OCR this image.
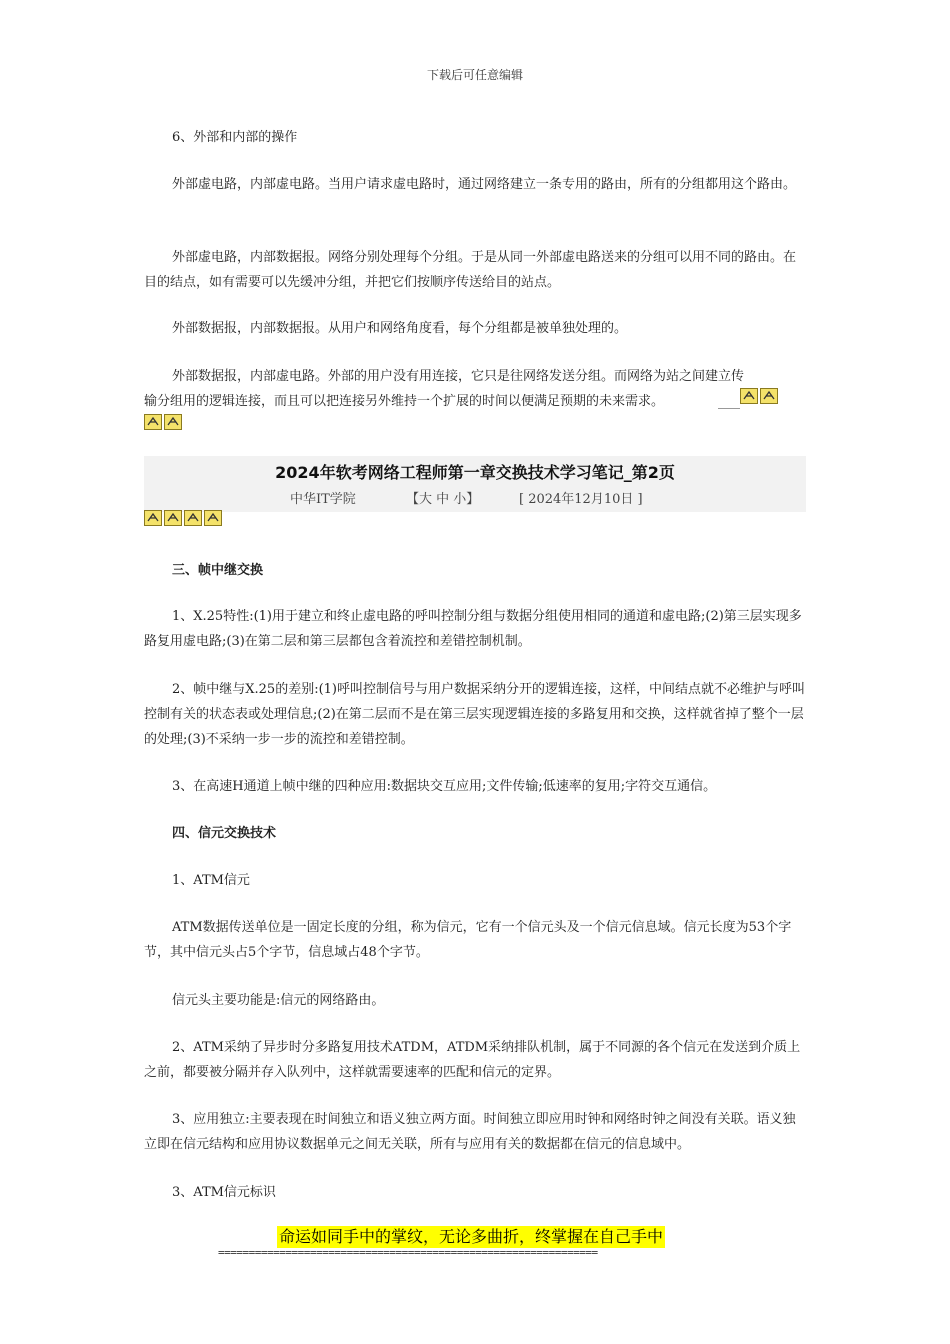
下载后可任意编辑

6、外部和内部的操作

外部虚电路，内部虚电路。当用户请求虚电路时，通过网络建立一条专用的路由，所有的分组都用这个路由。

外部虚电路，内部数据报。网络分别处理每个分组。于是从同一外部虚电路送来的分组可以用不同的路由。在目的结点，如有需要可以先缓冲分组，并把它们按顺序传送给目的站点。

外部数据报，内部数据报。从用户和网络角度看，每个分组都是被单独处理的。

外部数据报，内部虚电路。外部的用户没有用连接，它只是往网络发送分组。而网络为站之间建立传输分组用的逻辑连接，而且可以把连接另外维持一个扩展的时间以便满足预期的未来需求。

2024年软考网络工程师第一章交换技术学习笔记_第2页
中华IT学院	【大 中 小】	[ 2024年12月10日 ]

三、帧中继交换

1、X.25特性:(1)用于建立和终止虚电路的呼叫控制分组与数据分组使用相同的通道和虚电路;(2)第三层实现多路复用虚电路;(3)在第二层和第三层都包含着流控和差错控制机制。

2、帧中继与X.25的差别:(1)呼叫控制信号与用户数据采纳分开的逻辑连接，这样，中间结点就不必维护与呼叫控制有关的状态表或处理信息;(2)在第二层而不是在第三层实现逻辑连接的多路复用和交换，这样就省掉了整个一层的处理;(3)不采纳一步一步的流控和差错控制。

3、在高速H通道上帧中继的四种应用:数据块交互应用;文件传输;低速率的复用;字符交互通信。

四、信元交换技术

1、ATM信元

ATM数据传送单位是一固定长度的分组，称为信元，它有一个信元头及一个信元信息域。信元长度为53个字节，其中信元头占5个字节，信息域占48个字节。

信元头主要功能是:信元的网络路由。

2、ATM采纳了异步时分多路复用技术ATDM，ATDM采纳排队机制，属于不同源的各个信元在发送到介质上之前，都要被分隔并存入队列中，这样就需要速率的匹配和信元的定界。

3、应用独立:主要表现在时间独立和语义独立两方面。时间独立即应用时钟和网络时钟之间没有关联。语义独立即在信元结构和应用协议数据单元之间无关联，所有与应用有关的数据都在信元的信息域中。

3、ATM信元标识

命运如同手中的掌纹，无论多曲折，终掌握在自己手中
==============================================================
